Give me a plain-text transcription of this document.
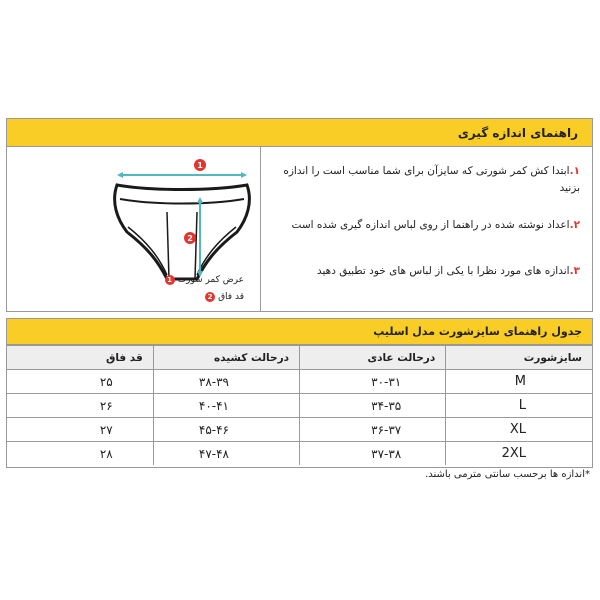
راهنمای اندازه گیری
1
2
عرض کمر شورت
1
قد فاق
2
۱.ابتدا کش کمر شورتی که سایزآن برای شما مناسب است را اندازه بزنید
۲.اعداد نوشته شده در راهنما از روی لباس اندازه گیری شده است
۳.اندازه های مورد نظرا با یکی از لباس های خود تطبیق دهید
جدول راهنمای سایزشورت مدل اسلیپ
سایزشورت	درحالت عادی	درحالت کشیده	قد فاق
M	۳۰-۳۱	۳۸-۳۹	۲۵
L	۳۴-۳۵	۴۰-۴۱	۲۶
XL	۳۶-۳۷	۴۵-۴۶	۲۷
2XL	۳۷-۳۸	۴۷-۴۸	۲۸
*اندازه ها برحسب سانتی مترمی باشند.
